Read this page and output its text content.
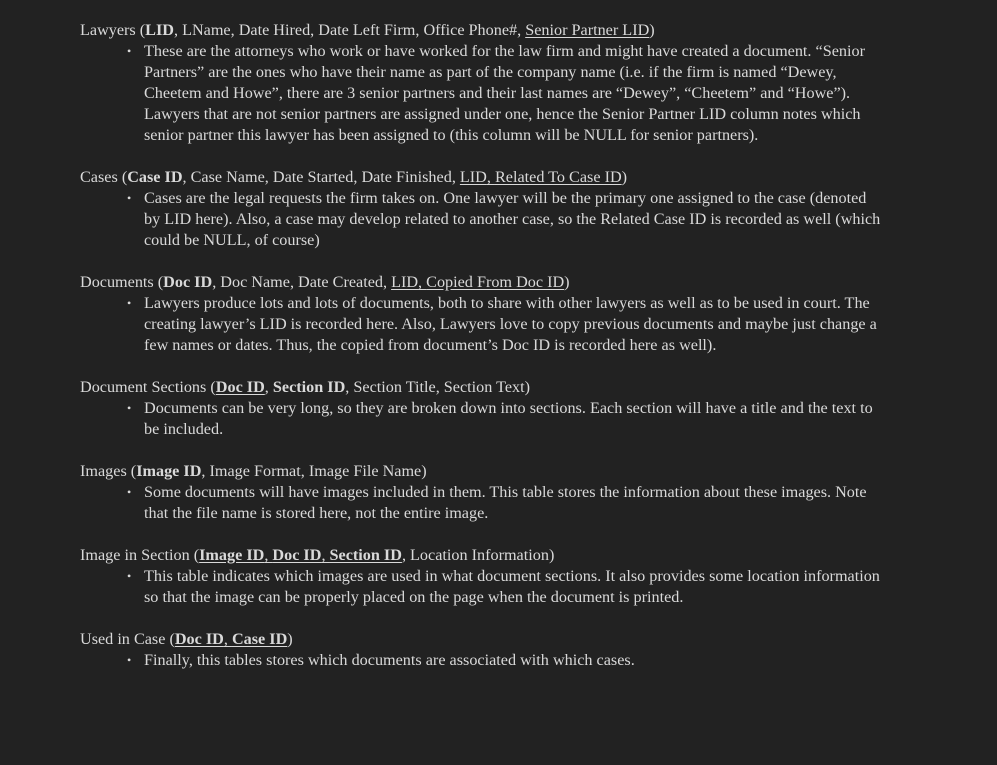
Lawyers (LID, LName, Date Hired, Date Left Firm, Office Phone#, Senior Partner LID)
• These are the attorneys who work or have worked for the law firm and might have created a document. “Senior Partners” are the ones who have their name as part of the company name (i.e. if the firm is named “Dewey, Cheetem and Howe”, there are 3 senior partners and their last names are “Dewey”, “Cheetem” and “Howe”). Lawyers that are not senior partners are assigned under one, hence the Senior Partner LID column notes which senior partner this lawyer has been assigned to (this column will be NULL for senior partners).
Cases (Case ID, Case Name, Date Started, Date Finished, LID, Related To Case ID)
• Cases are the legal requests the firm takes on. One lawyer will be the primary one assigned to the case (denoted by LID here). Also, a case may develop related to another case, so the Related Case ID is recorded as well (which could be NULL, of course)
Documents (Doc ID, Doc Name, Date Created, LID, Copied From Doc ID)
• Lawyers produce lots and lots of documents, both to share with other lawyers as well as to be used in court. The creating lawyer’s LID is recorded here. Also, Lawyers love to copy previous documents and maybe just change a few names or dates. Thus, the copied from document’s Doc ID is recorded here as well).
Document Sections (Doc ID, Section ID, Section Title, Section Text)
• Documents can be very long, so they are broken down into sections. Each section will have a title and the text to be included.
Images (Image ID, Image Format, Image File Name)
• Some documents will have images included in them. This table stores the information about these images. Note that the file name is stored here, not the entire image.
Image in Section (Image ID, Doc ID, Section ID, Location Information)
• This table indicates which images are used in what document sections. It also provides some location information so that the image can be properly placed on the page when the document is printed.
Used in Case (Doc ID, Case ID)
• Finally, this tables stores which documents are associated with which cases.
